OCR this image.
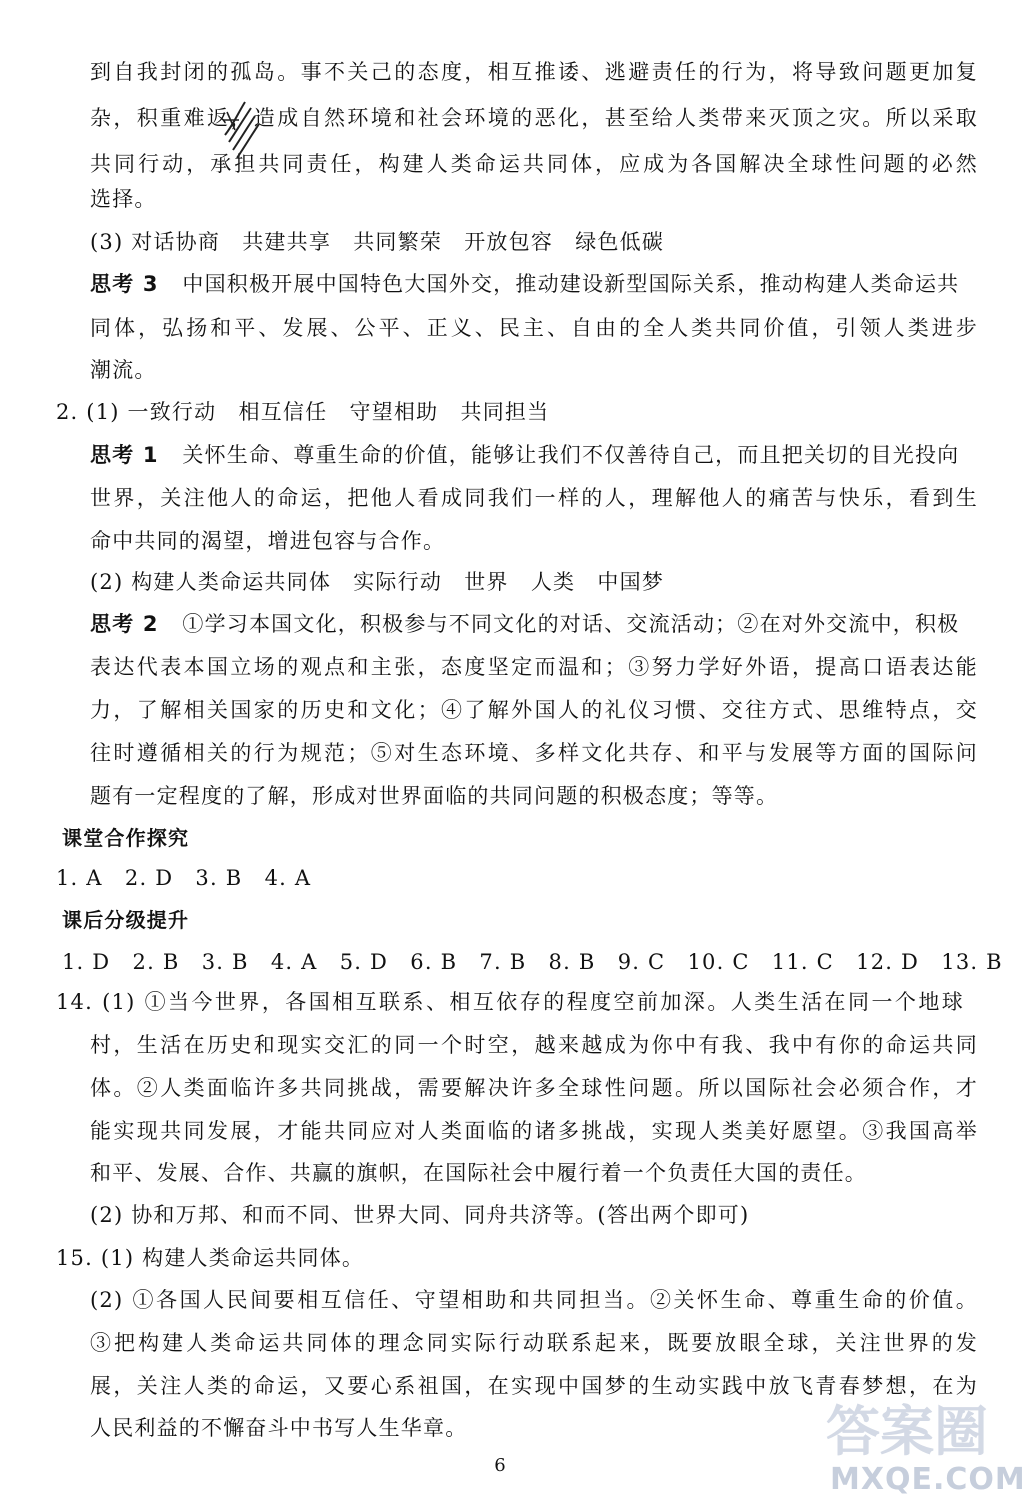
到自我封闭的孤岛。事不关己的态度，相互推诿、逃避责任的行为，将导致问题更加复
杂，积重难返，造成自然环境和社会环境的恶化，甚至给人类带来灭顶之灾。所以采取
共同行动，承担共同责任，构建人类命运共同体，应成为各国解决全球性问题的必然
选择。
(3) 对话协商　共建共享　共同繁荣　开放包容　绿色低碳
思考 3 中国积极开展中国特色大国外交，推动建设新型国际关系，推动构建人类命运共
同体，弘扬和平、发展、公平、正义、民主、自由的全人类共同价值，引领人类进步
潮流。
2. (1) 一致行动　相互信任　守望相助　共同担当
思考 1 关怀生命、尊重生命的价值，能够让我们不仅善待自己，而且把关切的目光投向
世界，关注他人的命运，把他人看成同我们一样的人，理解他人的痛苦与快乐，看到生
命中共同的渴望，增进包容与合作。
(2) 构建人类命运共同体　实际行动　世界　人类　中国梦
思考 2 ①学习本国文化，积极参与不同文化的对话、交流活动；②在对外交流中，积极
表达代表本国立场的观点和主张，态度坚定而温和；③努力学好外语，提高口语表达能
力，了解相关国家的历史和文化；④了解外国人的礼仪习惯、交往方式、思维特点，交
往时遵循相关的行为规范；⑤对生态环境、多样文化共存、和平与发展等方面的国际问
题有一定程度的了解，形成对世界面临的共同问题的积极态度；等等。
课堂合作探究
1. A　2. D　3. B　4. A
课后分级提升
1. D　2. B　3. B　4. A　5. D　6. B　7. B　8. B　9. C　10. C　11. C　12. D　13. B
14. (1) ①当今世界，各国相互联系、相互依存的程度空前加深。人类生活在同一个地球
村，生活在历史和现实交汇的同一个时空，越来越成为你中有我、我中有你的命运共同
体。②人类面临许多共同挑战，需要解决许多全球性问题。所以国际社会必须合作，才
能实现共同发展，才能共同应对人类面临的诸多挑战，实现人类美好愿望。③我国高举
和平、发展、合作、共赢的旗帜，在国际社会中履行着一个负责任大国的责任。
(2) 协和万邦、和而不同、世界大同、同舟共济等。(答出两个即可)
15. (1) 构建人类命运共同体。
(2) ①各国人民间要相互信任、守望相助和共同担当。②关怀生命、尊重生命的价值。
③把构建人类命运共同体的理念同实际行动联系起来，既要放眼全球，关注世界的发
展，关注人类的命运，又要心系祖国，在实现中国梦的生动实践中放飞青春梦想，在为
人民利益的不懈奋斗中书写人生华章。
6
答案圈
MXQE.COM
